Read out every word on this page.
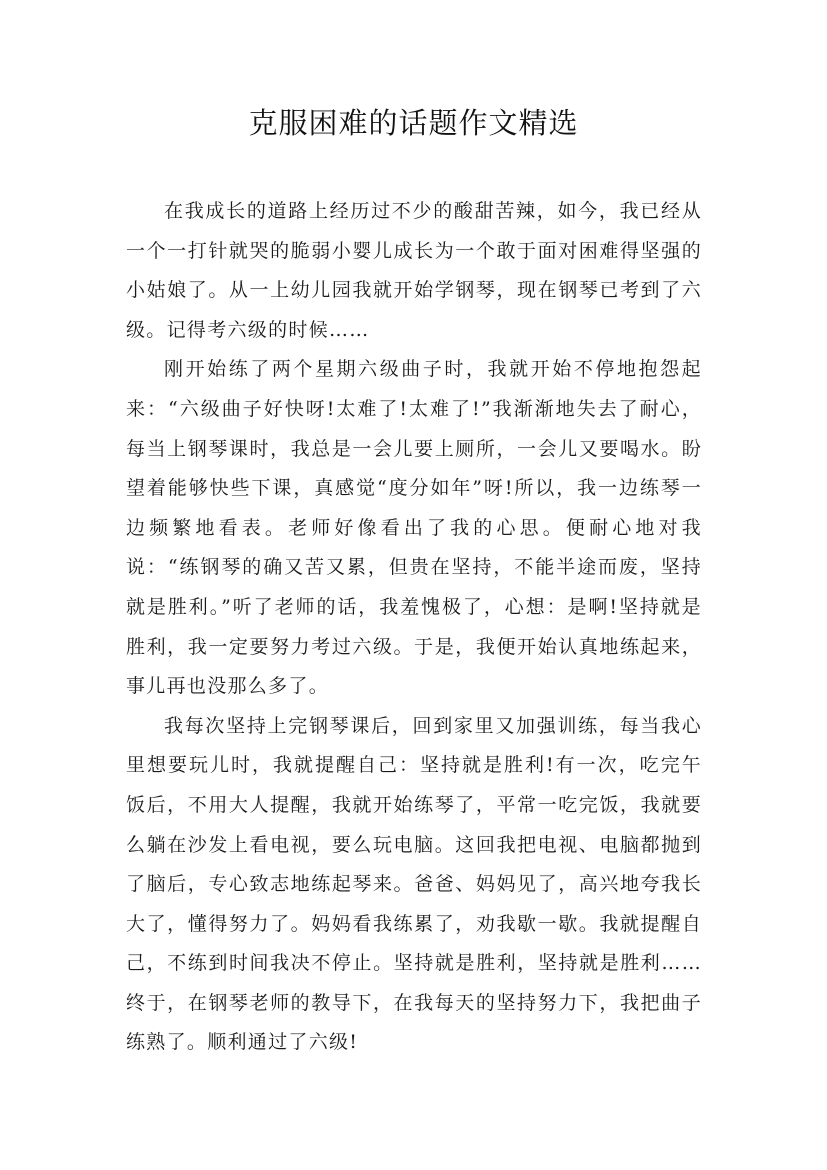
克服困难的话题作文精选

在我成长的道路上经历过不少的酸甜苦辣，如今，我已经从一个一打针就哭的脆弱小婴儿成长为一个敢于面对困难得坚强的小姑娘了。从一上幼儿园我就开始学钢琴，现在钢琴已考到了六级。记得考六级的时候……

刚开始练了两个星期六级曲子时，我就开始不停地抱怨起来：“六级曲子好快呀!太难了!太难了!”我渐渐地失去了耐心，每当上钢琴课时，我总是一会儿要上厕所，一会儿又要喝水。盼望着能够快些下课，真感觉“度分如年”呀!所以，我一边练琴一边频繁地看表。老师好像看出了我的心思。便耐心地对我说：“练钢琴的确又苦又累，但贵在坚持，不能半途而废，坚持就是胜利。”听了老师的话，我羞愧极了，心想：是啊!坚持就是胜利，我一定要努力考过六级。于是，我便开始认真地练起来，事儿再也没那么多了。

我每次坚持上完钢琴课后，回到家里又加强训练，每当我心里想要玩儿时，我就提醒自己：坚持就是胜利!有一次，吃完午饭后，不用大人提醒，我就开始练琴了，平常一吃完饭，我就要么躺在沙发上看电视，要么玩电脑。这回我把电视、电脑都抛到了脑后，专心致志地练起琴来。爸爸、妈妈见了，高兴地夸我长大了，懂得努力了。妈妈看我练累了，劝我歇一歇。我就提醒自己，不练到时间我决不停止。坚持就是胜利，坚持就是胜利……终于，在钢琴老师的教导下，在我每天的坚持努力下，我把曲子练熟了。顺利通过了六级!
